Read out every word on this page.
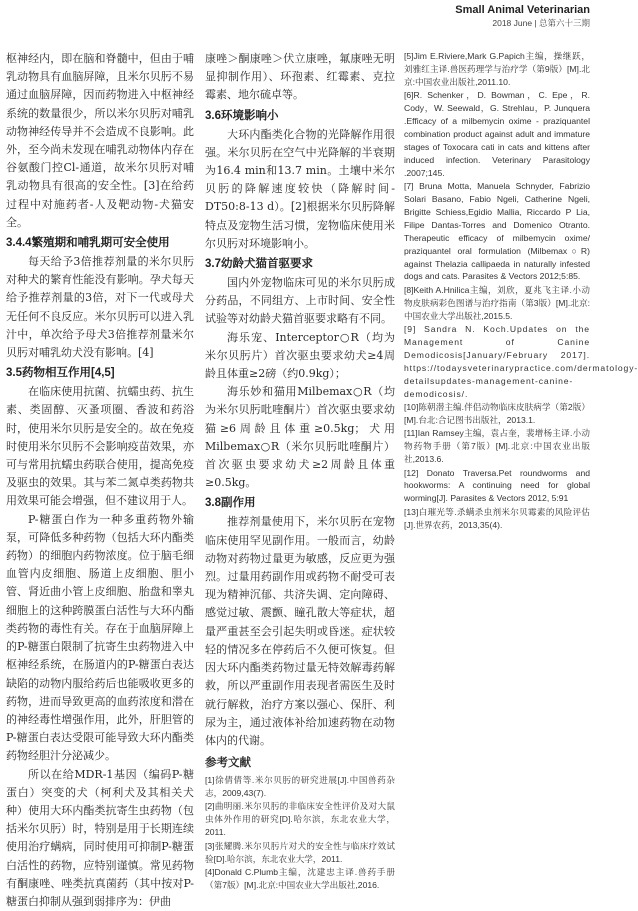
Small Animal Veterinarian
2018 June | 总第六十三期

枢神经内，即在脑和脊髓中，但由于哺乳动物具有血脑屏障，且米尔贝肟不易通过血脑屏障，因而药物进入中枢神经系统的数量很少，所以米尔贝肟对哺乳动物神经传导并不会造成不良影响。此外，至今尚未发现在哺乳动物体内存在谷氨酸门控Cl-通道，故米尔贝肟对哺乳动物具有很高的安全性。[3]在给药过程中对施药者-人及靶动物-犬猫安全。

3.4.4繁殖期和哺乳期可安全使用

每天给予3倍推荐剂量的米尔贝肟对种犬的繁育性能没有影响。孕犬每天给予推荐剂量的3倍，对下一代或母犬无任何不良反应。米尔贝肟可以进入乳汁中，单次给予母犬3倍推荐剂量米尔贝肟对哺乳幼犬没有影响。[4]

3.5药物相互作用[4,5]

在临床使用抗菌、抗蠕虫药、抗生素、类固醇、灭蚤项圈、香波和药浴时，使用米尔贝肟是安全的。故在免疫时使用米尔贝肟不会影响疫苗效果，亦可与常用抗蠕虫药联合使用，提高免疫及驱虫的效果。其与苯二氮卓类药物共用效果可能会增强，但不建议用于人。

P-糖蛋白作为一种多重药物外输泵，可降低多种药物（包括大环内酯类药物）的细胞内药物浓度。位于脑毛细血管内皮细胞、肠道上皮细胞、胆小管、肾近曲小管上皮细胞、胎盘和睾丸细胞上的这种跨膜蛋白活性与大环内酯类药物的毒性有关。存在于血脑屏障上的P-糖蛋白限制了抗寄生虫药物进入中枢神经系统，在肠道内的P-糖蛋白表达缺陷的动物内服给药后也能吸收更多的药物，进而导致更高的血药浓度和潜在的神经毒性增强作用，此外，肝胆管的P-糖蛋白表达受限可能导致大环内酯类药物经胆汁分泌减少。

所以在给MDR-1基因（编码P-糖蛋白）突变的犬（柯利犬及其相关犬种）使用大环内酯类抗寄生虫药物（包括米尔贝肟）时，特别是用于长期连续使用治疗螨病，同时使用可抑制P-糖蛋白活性的药物，应特别谨慎。常见药物有酮康唑、唑类抗真菌药（其中按对P-糖蛋白抑制从强到弱排序为：伊曲

康唑＞酮康唑＞伏立康唑，氟康唑无明显抑制作用）、环孢素、红霉素、克拉霉素、地尔硫卓等。

3.6环境影响小

大环内酯类化合物的光降解作用很强。米尔贝肟在空气中光降解的半衰期为16.4 min和13.7 min。土壤中米尔贝肟的降解速度较快（降解时间-DT50:8-13 d）。[2]根据米尔贝肟降解特点及宠物生活习惯，宠物临床使用米尔贝肟对环境影响小。

3.7幼龄犬猫首驱要求

国内外宠物临床可见的米尔贝肟成分药品，不同组方、上市时间、安全性试验等对幼龄犬猫首驱要求略有不同。

海乐宠、Interceptor○R（均为米尔贝肟片）首次驱虫要求幼犬≥4周龄且体重≥2磅（约0.9kg）；

海乐妙和猫用Milbemax○R（均为米尔贝肟吡喹酮片）首次驱虫要求幼猫≥6周龄且体重≥0.5kg；犬用Milbemax○R（米尔贝肟吡喹酮片）首次驱虫要求幼犬≥2周龄且体重≥0.5kg。

3.8副作用

推荐剂量使用下，米尔贝肟在宠物临床使用罕见副作用。一般而言，幼龄动物对药物过量更为敏感，反应更为强烈。过量用药副作用或药物不耐受可表现为精神沉郁、共济失调、定向障碍、感觉过敏、震颤、瞳孔散大等症状，超量严重甚至会引起失明或昏迷。症状较轻的情况多在停药后不久便可恢复。但因大环内酯类药物过量无特效解毒药解救，所以严重副作用表现者需医生及时就行解救，治疗方案以强心、保肝、利尿为主，通过液体补给加速药物在动物体内的代谢。

参考文献

[1]徐倩倩等.米尔贝肟的研究进展[J].中国兽药杂志，2009,43(7).

[2]曲明丽.米尔贝肟的非临床安全性评价及对大鼠虫体外作用的研究[D].哈尔滨，东北农业大学，2011.

[3]张耀腾.米尔贝肟片对犬的安全性与临床疗效试验[D].哈尔滨，东北农业大学，2011.

[4]Donald C.Plumb主编，沈建忠主译.兽药手册（第7版）[M].北京:中国农业大学出版社,2016.

[5]Jim E.Riviere,Mark G.Papich主编，操继跃，刘雅红主译.兽医药理学与治疗学（第9版）[M].北京:中国农业出版社,2011.10.

[6]R. Schenker，D. Bowman，C. Epe，R. Cody，W. Seewald，G. Strehlau，P. Junquera .Efficacy of a milbemycin oxime - praziquantel combination product against adult and immature stages of Toxocara cati in cats and kittens after induced infection. Veterinary Parasitology .2007;145.

[7] Bruna Motta, Manuela Schnyder, Fabrizio Solari Basano, Fabio Ngeli, Catherine Ngeli, Brigitte Schiess,Egidio Mallia, Riccardo P Lia, Filipe Dantas-Torres and Domenico Otranto. Therapeutic efficacy of milbemycin oxime/ praziquantel oral formulation (Milbemax○R) against Thelazia callipaeda in naturally infested dogs and cats. Parasites & Vectors 2012;5:85.

[8]Keith A.Hnilica主编，刘欣，夏兆飞主译.小动物皮肤病彩色图谱与治疗指南（第3版）[M].北京:中国农业大学出版社,2015.5.

[9] Sandra N. Koch.Updates on the Management of Canine Demodicosis[January/February 2017]. https://todaysveterinarypractice.com/dermatology-detailsupdates-management-canine-demodicosis/.

[10]陈朝潜主编.伴侣动物临床皮肤病学（第2版）[M].台北:合记图书出版社，2013.1.

[11]Ian Ramsey主编，袁占奎，裴增杨主译.小动物药物手册（第7版）[M].北京:中国农业出版社,2013.6.

[12] Donato Traversa.Pet roundworms and hookworms: A continuing need for global worming[J]. Parasites & Vectors 2012, 5:91

[13]白璀光等.杀螨杀虫剂米尔贝霉素的风险评估[J].世界农药，2013,35(4).
